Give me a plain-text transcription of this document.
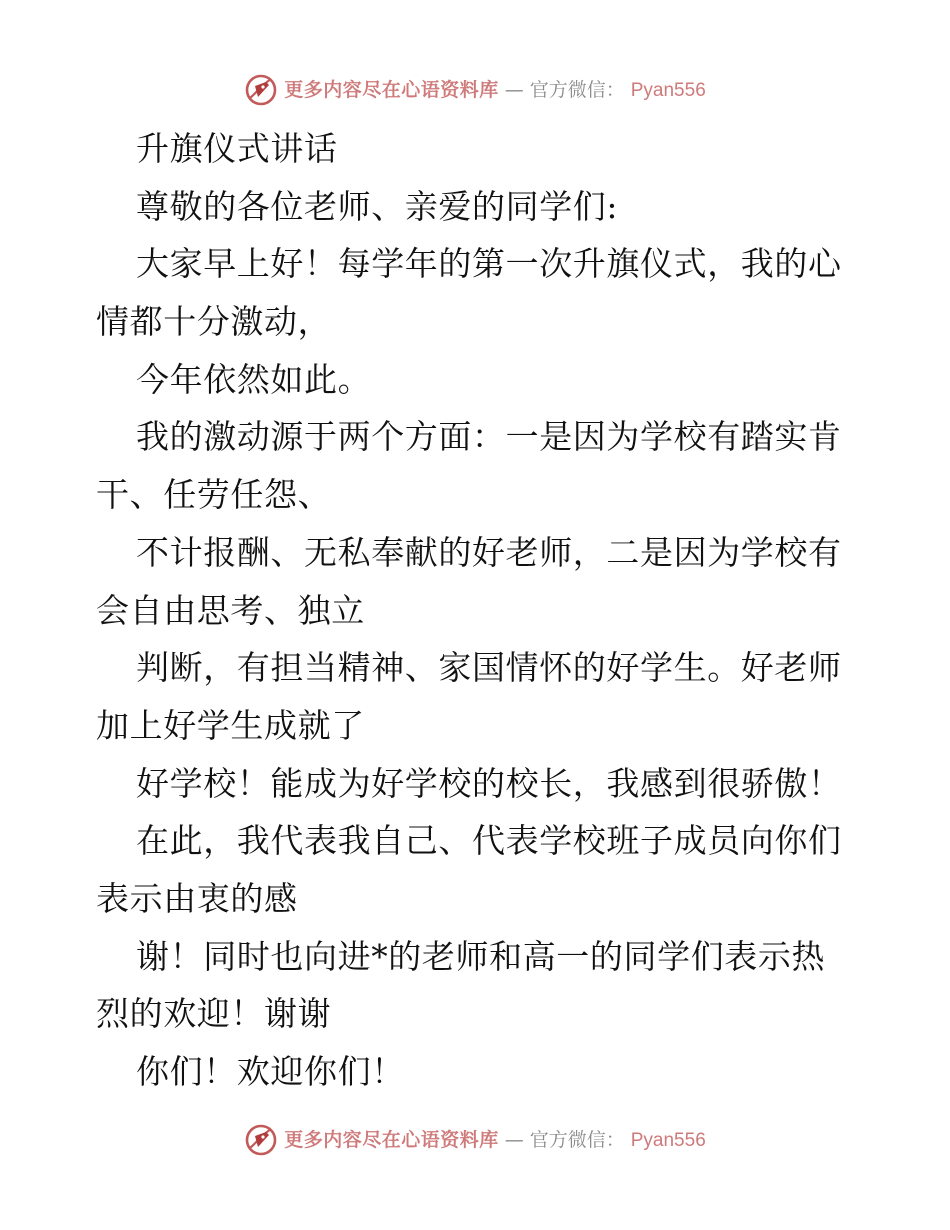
更多内容尽在心语资料库 — 官方微信： Pyan556
升旗仪式讲话
尊敬的各位老师、亲爱的同学们:
大家早上好！每学年的第一次升旗仪式，我的心
情都十分激动，
今年依然如此。
我的激动源于两个方面：一是因为学校有踏实肯
干、任劳任怨、
不计报酬、无私奉献的好老师，二是因为学校有
会自由思考、独立
判断，有担当精神、家国情怀的好学生。好老师
加上好学生成就了
好学校！能成为好学校的校长，我感到很骄傲！
在此，我代表我自己、代表学校班子成员向你们
表示由衷的感
谢！同时也向进*的老师和高一的同学们表示热
烈的欢迎！谢谢
你们！欢迎你们！
更多内容尽在心语资料库 — 官方微信： Pyan556
